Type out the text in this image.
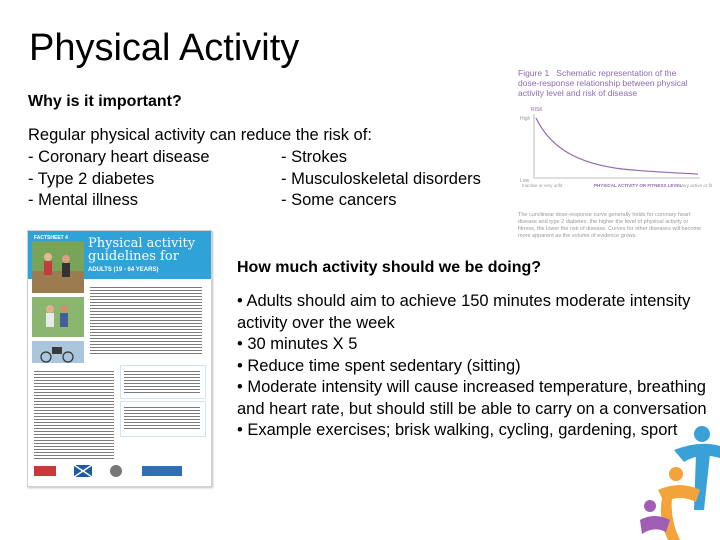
Physical Activity
Why is it important?
Regular physical activity can reduce the risk of:
- Coronary heart disease	- Strokes
- Type 2 diabetes	- Musculoskeletal disorders
- Mental illness	- Some cancers
Figure 1 Schematic representation of the dose-response relationship between physical activity level and risk of disease
RISK
High
Low
Inactive or very unfit	PHYSICAL ACTIVITY OR FITNESS LEVEL
Very active or fit
The curvilinear dose-response curve generally holds for coronary heart disease and type 2 diabetes: the higher the level of physical activity or fitness, the lower the risk of disease. Curves for other diseases will become more apparent as the volume of evidence grows.
FACTSHEET 4 Physical activity guidelines for
ADULTS (19 - 64 YEARS)	How much activity should we be doing?

• Adults should aim to achieve 150 minutes moderate intensity activity over the week

• 30 minutes X 5

• Reduce time spent sedentary (sitting)

• Moderate intensity will cause increased temperature, breathing and heart rate, but should still be able to carry on a conversation

• Example exercises; brisk walking, cycling, gardening, sport
